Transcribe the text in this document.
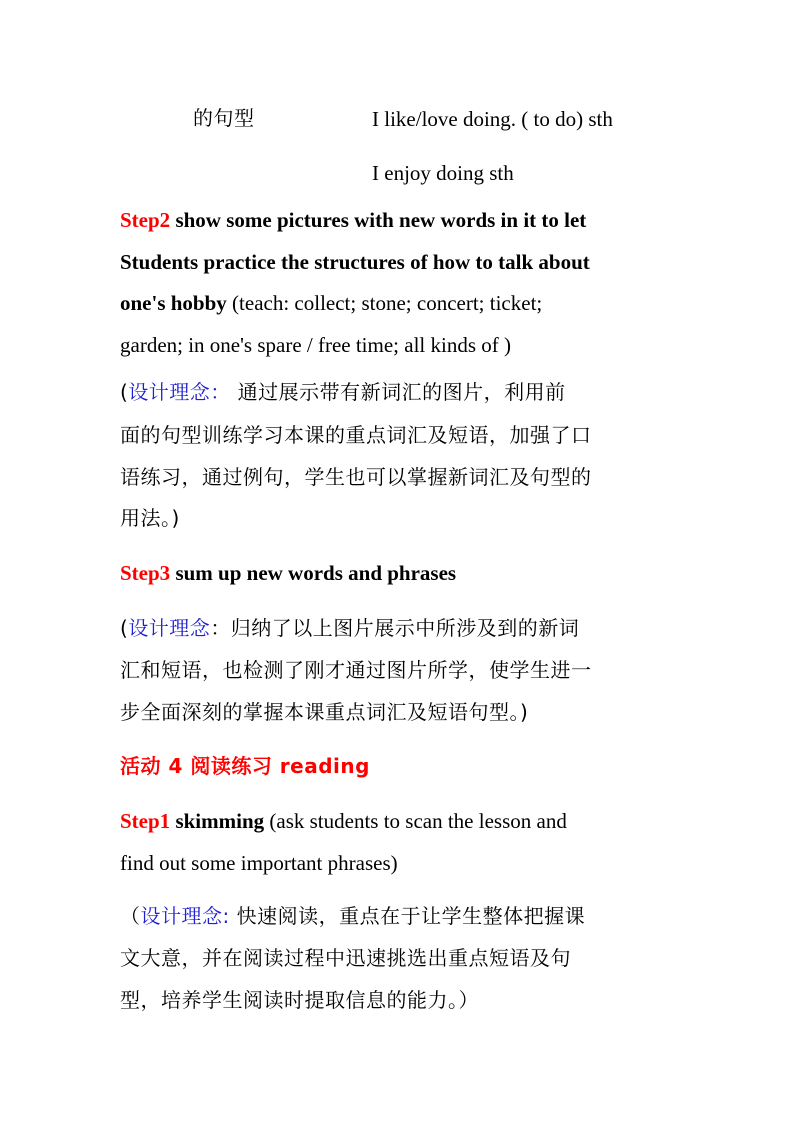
的句型	I like/love doing. ( to do) sth
I enjoy doing sth
Step2 show some pictures with new words in it to let
Students practice the structures of how to talk about
one's hobby (teach: collect; stone; concert; ticket;
garden; in one's spare / free time; all kinds of )
(设计理念： 通过展示带有新词汇的图片，利用前
面的句型训练学习本课的重点词汇及短语，加强了口
语练习，通过例句，学生也可以掌握新词汇及句型的
用法。)
Step3 sum up new words and phrases
(设计理念：归纳了以上图片展示中所涉及到的新词
汇和短语，也检测了刚才通过图片所学，使学生进一
步全面深刻的掌握本课重点词汇及短语句型。)
活动 4 阅读练习 reading
Step1 skimming (ask students to scan the lesson and
find out some important phrases)
（设计理念: 快速阅读，重点在于让学生整体把握课
文大意，并在阅读过程中迅速挑选出重点短语及句
型，培养学生阅读时提取信息的能力。）
